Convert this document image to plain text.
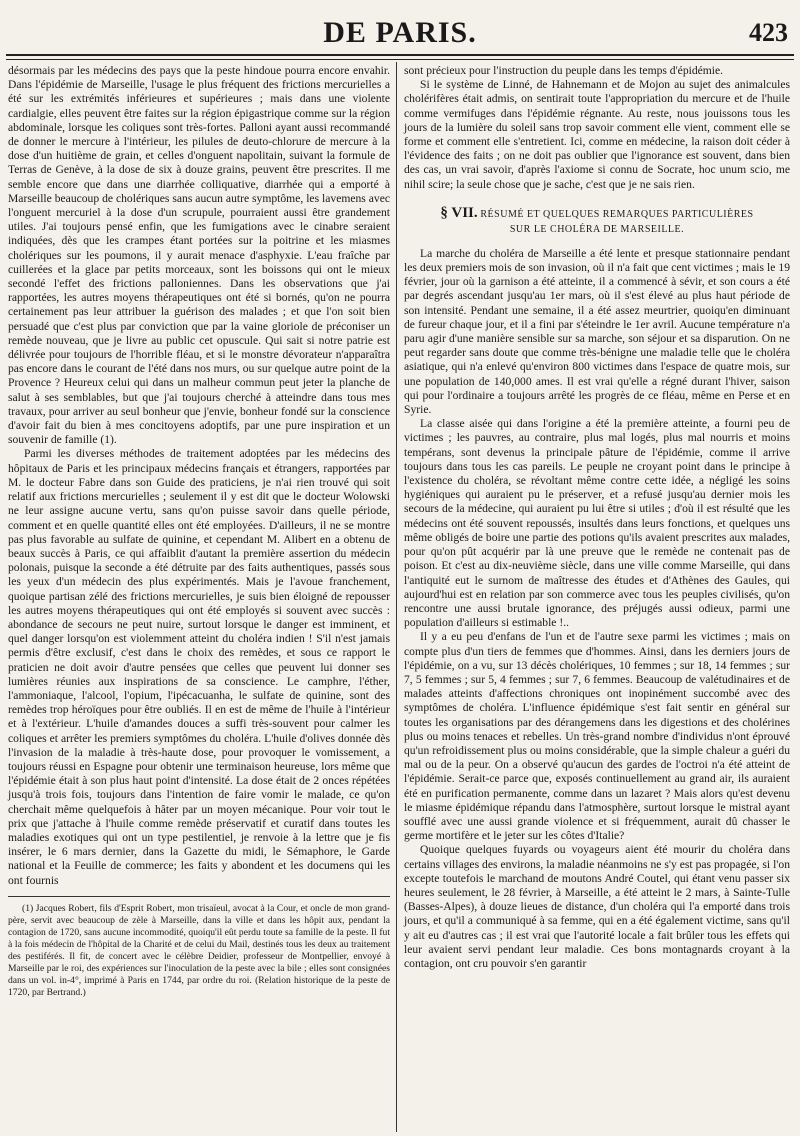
DE PARIS.	423

désormais par les médecins des pays que la peste hindoue pourra encore envahir. Dans l'épidémie de Marseille, l'usage le plus fréquent des frictions mercurielles a été sur les extrémités inférieures et supérieures ; mais dans une violente cardialgie, elles peuvent être faites sur la région épigastrique comme sur la région abdominale, lorsque les coliques sont très-fortes. Palloni ayant aussi recommandé de donner le mercure à l'intérieur, les pilules de deuto-chlorure de mercure à la dose d'un huitième de grain, et celles d'onguent napolitain, suivant la formule de Terras de Genève, à la dose de six à douze grains, peuvent être prescrites. Il me semble encore que dans une diarrhée colliquative, diarrhée qui a emporté à Marseille beaucoup de cholériques sans aucun autre symptôme, les lavemens avec l'onguent mercuriel à la dose d'un scrupule, pourraient aussi être grandement utiles. J'ai toujours pensé enfin, que les fumigations avec le cinabre seraient indiquées, dès que les crampes étant portées sur la poitrine et les miasmes cholériques sur les poumons, il y aurait menace d'asphyxie. L'eau fraîche par cuillerées et la glace par petits morceaux, sont les boissons qui ont le mieux secondé l'effet des frictions palloniennes. Dans les observations que j'ai rapportées, les autres moyens thérapeutiques ont été si bornés, qu'on ne pourra certainement pas leur attribuer la guérison des malades ; et que l'on soit bien persuadé que c'est plus par conviction que par la vaine gloriole de préconiser un remède nouveau, que je livre au public cet opuscule. Qui sait si notre patrie est délivrée pour toujours de l'horrible fléau, et si le monstre dévorateur n'apparaîtra pas encore dans le courant de l'été dans nos murs, ou sur quelque autre point de la Provence ? Heureux celui qui dans un malheur commun peut jeter la planche de salut à ses semblables, but que j'ai toujours cherché à atteindre dans tous mes travaux, pour arriver au seul bonheur que j'envie, bonheur fondé sur la conscience d'avoir fait du bien à mes concitoyens adoptifs, par une pure inspiration et un souvenir de famille (1).

Parmi les diverses méthodes de traitement adoptées par les médecins des hôpitaux de Paris et les principaux médecins français et étrangers, rapportées par M. le docteur Fabre dans son Guide des praticiens, je n'ai rien trouvé qui soit relatif aux frictions mercurielles ; seulement il y est dit que le docteur Wolowski ne leur assigne aucune vertu, sans qu'on puisse savoir dans quelle période, comment et en quelle quantité elles ont été employées. D'ailleurs, il ne se montre pas plus favorable au sulfate de quinine, et cependant M. Alibert en a obtenu de beaux succès à Paris, ce qui affaiblit d'autant la première assertion du médecin polonais, puisque la seconde a été détruite par des faits authentiques, passés sous les yeux d'un médecin des plus expérimentés. Mais je l'avoue franchement, quoique partisan zélé des frictions mercurielles, je suis bien éloigné de repousser les autres moyens thérapeutiques qui ont été employés si souvent avec succès : abondance de secours ne peut nuire, surtout lorsque le danger est imminent, et quel danger lorsqu'on est violemment atteint du choléra indien ! S'il n'est jamais permis d'être exclusif, c'est dans le choix des remèdes, et sous ce rapport le praticien ne doit avoir d'autre pensées que celles que peuvent lui donner ses lumières réunies aux inspirations de sa conscience. Le camphre, l'éther, l'ammoniaque, l'alcool, l'opium, l'ipécacuanha, le sulfate de quinine, sont des remèdes trop héroïques pour être oubliés. Il en est de même de l'huile à l'intérieur et à l'extérieur. L'huile d'amandes douces a suffi très-souvent pour calmer les coliques et arrêter les premiers symptômes du choléra. L'huile d'olives donnée dès l'invasion de la maladie à très-haute dose, pour provoquer le vomissement, a toujours réussi en Espagne pour obtenir une terminaison heureuse, lors même que l'épidémie était à son plus haut point d'intensité. La dose était de 2 onces répétées jusqu'à trois fois, toujours dans l'intention de faire vomir le malade, ce qu'on cherchait même quelquefois à hâter par un moyen mécanique. Pour voir tout le prix que j'attache à l'huile comme remède préservatif et curatif dans toutes les maladies exotiques qui ont un type pestilentiel, je renvoie à la lettre que je fis insérer, le 6 mars dernier, dans la Gazette du midi, le Sémaphore, le Garde national et la Feuille de commerce; les faits y abondent et les documens qui les ont fournis

(1) Jacques Robert, fils d'Esprit Robert, mon trisaïeul, avocat à la Cour, et oncle de mon grand-père, servit avec beaucoup de zèle à Marseille, dans la ville et dans les hôpit aux, pendant la contagion de 1720, sans aucune incommodité, quoiqu'il eût perdu toute sa famille de la peste. Il fut à la fois médecin de l'hôpital de la Charité et de celui du Mail, destinés tous les deux au traitement des pestiférés. Il fit, de concert avec le célèbre Deidier, professeur de Montpellier, envoyé à Marseille par le roi, des expériences sur l'inoculation de la peste avec la bile ; elles sont consignées dans un vol. in-4°, imprimé à Paris en 1744, par ordre du roi. (Relation historique de la peste de 1720, par Bertrand.)

sont précieux pour l'instruction du peuple dans les temps d'épidémie.

Si le système de Linné, de Hahnemann et de Mojon au sujet des animalcules cholérifères était admis, on sentirait toute l'appropriation du mercure et de l'huile comme vermifuges dans l'épidémie régnante. Au reste, nous jouissons tous les jours de la lumière du soleil sans trop savoir comment elle vient, comment elle se forme et comment elle s'entretient. Ici, comme en médecine, la raison doit céder à l'évidence des faits ; on ne doit pas oublier que l'ignorance est souvent, dans bien des cas, un vrai savoir, d'après l'axiome si connu de Socrate, hoc unum scio, me nihil scire; la seule chose que je sache, c'est que je ne sais rien.

§ VII. RÉSUMÉ ET QUELQUES REMARQUES PARTICULIÈRES
SUR LE CHOLÉRA DE MARSEILLE.

La marche du choléra de Marseille a été lente et presque stationnaire pendant les deux premiers mois de son invasion, où il n'a fait que cent victimes ; mais le 19 février, jour où la garnison a été atteinte, il a commencé à sévir, et son cours a été par degrés ascendant jusqu'au 1er mars, où il s'est élevé au plus haut période de son intensité. Pendant une semaine, il a été assez meurtrier, quoiqu'en diminuant de fureur chaque jour, et il a fini par s'éteindre le 1er avril. Aucune température n'a paru agir d'une manière sensible sur sa marche, son séjour et sa disparution. On ne peut regarder sans doute que comme très-bénigne une maladie telle que le choléra asiatique, qui n'a enlevé qu'environ 800 victimes dans l'espace de quatre mois, sur une population de 140,000 ames. Il est vrai qu'elle a régné durant l'hiver, saison qui pour l'ordinaire a toujours arrêté les progrès de ce fléau, même en Perse et en Syrie.

La classe aisée qui dans l'origine a été la première atteinte, a fourni peu de victimes ; les pauvres, au contraire, plus mal logés, plus mal nourris et moins tempérans, sont devenus la principale pâture de l'épidémie, comme il arrive toujours dans tous les cas pareils. Le peuple ne croyant point dans le principe à l'existence du choléra, se révoltant même contre cette idée, a négligé les soins hygiéniques qui auraient pu le préserver, et a refusé jusqu'au dernier mois les secours de la médecine, qui auraient pu lui être si utiles ; d'où il est résulté que les médecins ont été souvent repoussés, insultés dans leurs fonctions, et quelques uns même obligés de boire une partie des potions qu'ils avaient prescrites aux malades, pour qu'on pût acquérir par là une preuve que le remède ne contenait pas de poison. Et c'est au dix-neuvième siècle, dans une ville comme Marseille, qui dans l'antiquité eut le surnom de maîtresse des études et d'Athènes des Gaules, qui aujourd'hui est en relation par son commerce avec tous les peuples civilisés, qu'on rencontre une aussi brutale ignorance, des préjugés aussi odieux, parmi une population d'ailleurs si estimable !..

Il y a eu peu d'enfans de l'un et de l'autre sexe parmi les victimes ; mais on compte plus d'un tiers de femmes que d'hommes. Ainsi, dans les derniers jours de l'épidémie, on a vu, sur 13 décès cholériques, 10 femmes ; sur 18, 14 femmes ; sur 7, 5 femmes ; sur 5, 4 femmes ; sur 7, 6 femmes. Beaucoup de valétudinaires et de malades atteints d'affections chroniques ont inopinément succombé avec des symptômes de choléra. L'influence épidémique s'est fait sentir en général sur toutes les organisations par des dérangemens dans les digestions et des cholérines plus ou moins tenaces et rebelles. Un très-grand nombre d'individus n'ont éprouvé qu'un refroidissement plus ou moins considérable, que la simple chaleur a guéri du mal ou de la peur. On a observé qu'aucun des gardes de l'octroi n'a été atteint de l'épidémie. Serait-ce parce que, exposés continuellement au grand air, ils auraient été en purification permanente, comme dans un lazaret ? Mais alors qu'est devenu le miasme épidémique répandu dans l'atmosphère, surtout lorsque le mistral ayant soufflé avec une aussi grande violence et si fréquemment, aurait dû chasser le germe mortifère et le jeter sur les côtes d'Italie?

Quoique quelques fuyards ou voyageurs aient été mourir du choléra dans certains villages des environs, la maladie néanmoins ne s'y est pas propagée, si l'on excepte toutefois le marchand de moutons André Coutel, qui étant venu passer six heures seulement, le 28 février, à Marseille, a été atteint le 2 mars, à Sainte-Tulle (Basses-Alpes), à douze lieues de distance, d'un choléra qui l'a emporté dans trois jours, et qu'il a communiqué à sa femme, qui en a été également victime, sans qu'il y ait eu d'autres cas ; il est vrai que l'autorité locale a fait brûler tous les effets qui leur avaient servi pendant leur maladie. Ces bons montagnards croyant à la contagion, ont cru pouvoir s'en garantir
